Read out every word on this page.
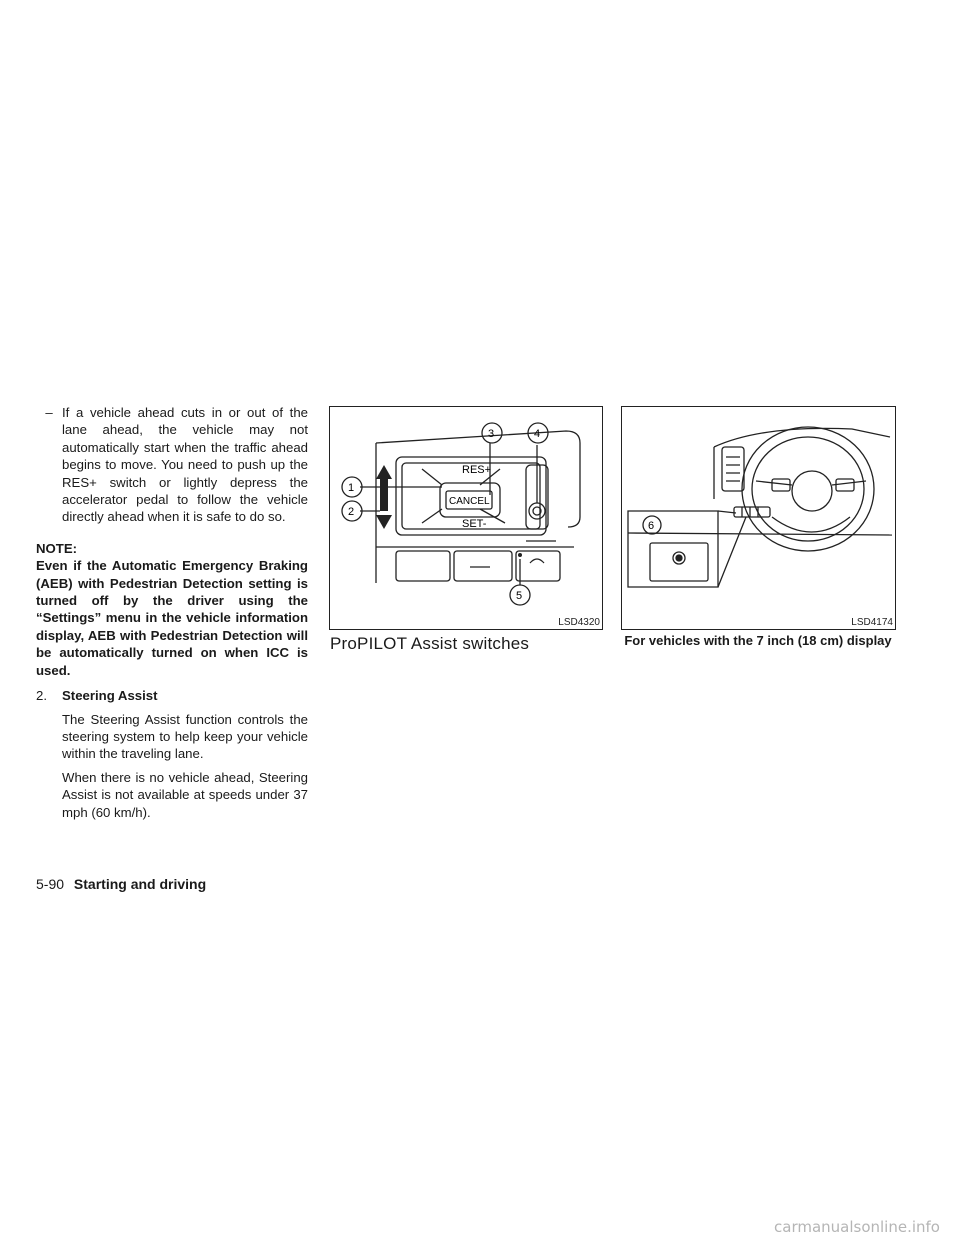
– If a vehicle ahead cuts in or out of the lane ahead, the vehicle may not automatically start when the traffic ahead begins to move. You need to push up the RES+ switch or lightly depress the accelerator pedal to follow the vehicle directly ahead when it is safe to do so.
NOTE:
Even if the Automatic Emergency Braking (AEB) with Pedestrian Detection setting is turned off by the driver using the “Settings” menu in the vehicle information display, AEB with Pedestrian Detection will be automatically turned on when ICC is used.
2.	Steering Assist
The Steering Assist function controls the steering system to help keep your vehicle within the traveling lane.
When there is no vehicle ahead, Steering Assist is not available at speeds under 37 mph (60 km/h).
RES+
CANCEL
SET-
3	4
5
1
2
LSD4320
6
LSD4174
ProPILOT Assist switches	For vehicles with the 7 inch (18 cm) display
5-90 Starting and driving
carmanualsonline.info
